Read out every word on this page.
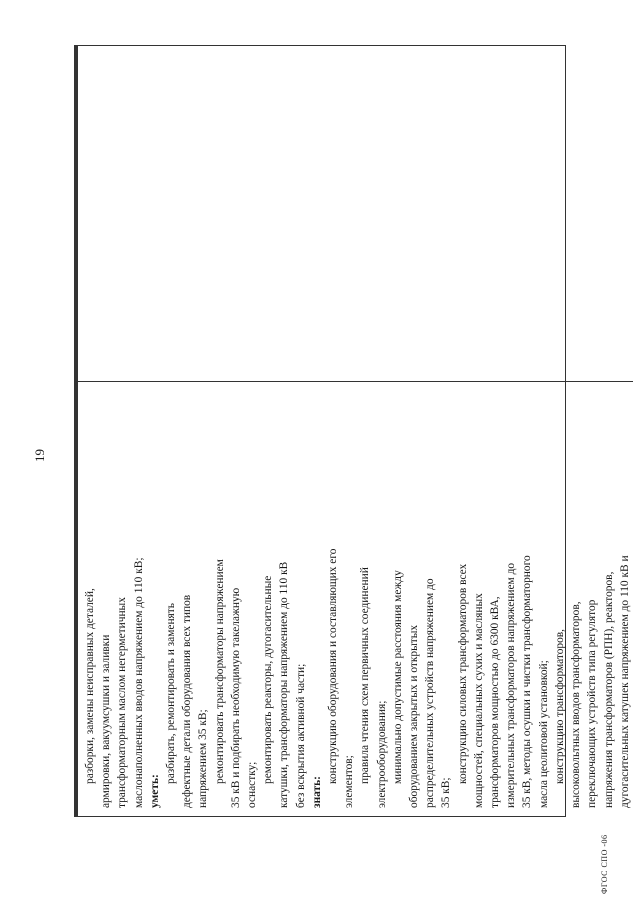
19
разборки, замены неисправных деталей, армировки, вакуумсушки и заливки трансформаторным маслом негерметичных маслонаполненных вводов напряжением до 110 кВ; уметь:
разбирать, ремонтировать и заменять дефектные детали оборудования всех типов напряжением 35 кВ; ремонтировать трансформаторы напряжением 35 кВ и подбирать необходимую такелажную оснастку;
ремонтировать реакторы, дугогасительные катушки, трансформаторы напряжением до 110 кВ без вскрытия активной части; знать:
конструкцию оборудования и составляющих его элементов; правила чтения схем первичных соединений электрооборудования; минимально допустимые расстояния между оборудованием закрытых и открытых распределительных устройств напряжением до 35 кВ;
конструкцию силовых трансформаторов всех мощностей, специальных сухих и масляных трансформаторов мощностью до 6300 кВА, измерительных трансформаторов напряжением до 35 кВ, методы осушки и чистки трансформаторного масла цеолитовой установкой; конструкцию трансформаторов, высоковольтных вводов трансформаторов, переключающих устройств типа регулятор напряжения трансформаторов (РПН), реакторов, дугогасительных катушек напряжением до 110 кВ и
ФГОС СПО -06
